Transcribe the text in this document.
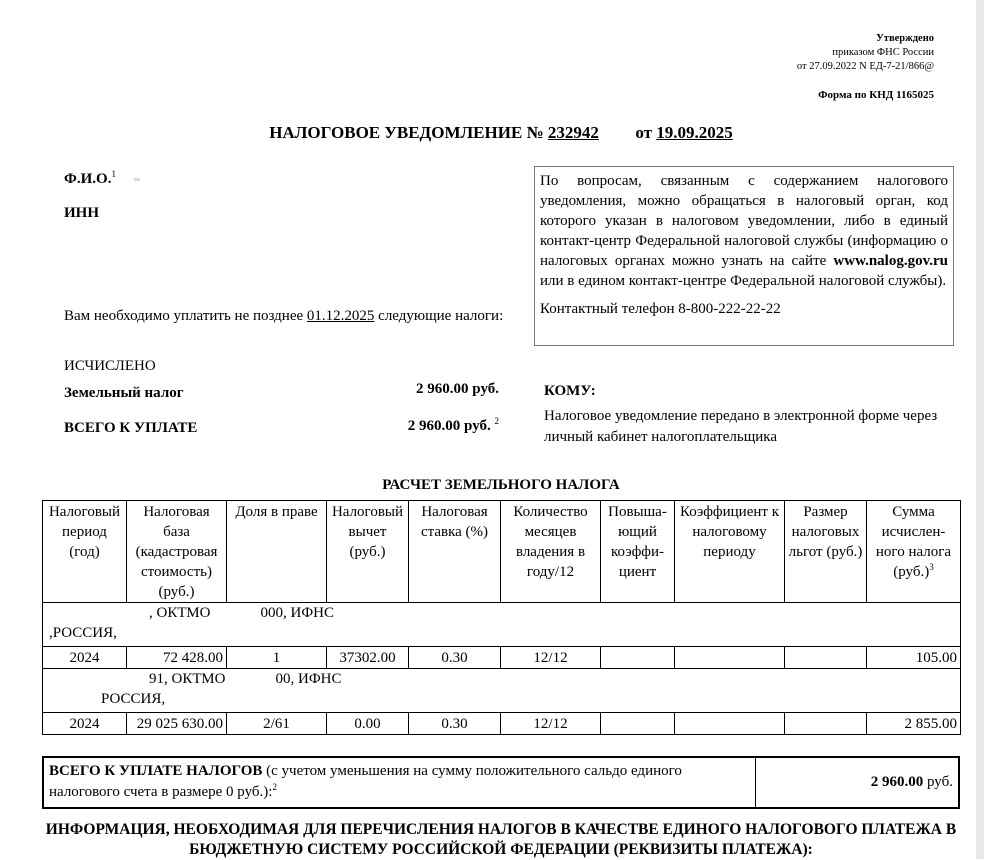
Утверждено
приказом ФНС России
от 27.09.2022 N ЕД-7-21/866@
Форма по КНД 1165025
НАЛОГОВОЕ УВЕДОМЛЕНИЕ № 232942 от 19.09.2025
Ф.И.О.$^1$
ИНН

По вопросам, связанным с содержанием налогового уведомления, можно обращаться в налоговый орган, код которого указан в налоговом уведомлении, либо в единый контакт-центр Федеральной налоговой службы (информацию о налоговых органах можно узнать на сайте www.nalog.gov.ru или в едином контакт-центре Федеральной налоговой службы).

Контактный телефон 8-800-222-22-22

Вам необходимо уплатить не позднее 01.12.2025 следующие налоги:
ИСЧИСЛЕНО
Земельный налог	2 960.00 руб.
ВСЕГО К УПЛАТЕ	2 960.00 руб. $^2$
КОМУ:
Налоговое уведомление передано в электронной форме через личный кабинет налогоплательщика
РАСЧЕТ ЗЕМЕЛЬНОГО НАЛОГА
Налоговый период (год)	Налоговая база (кадастровая стоимость) (руб.)	Доля в праве	Налоговый вычет (руб.)	Налоговая ставка (%)	Количество месяцев владения в году/12	Повыша-ющий коэффи-циент	Коэффициент к налоговому периоду	Размер налоговых льгот (руб.)	Сумма исчислен-ного налога $(руб.)^3$

, ОКТМО 000, ИФНС
,РОССИЯ,									

2024	72 428.00	1	37302.00	0.30	12/12				105.00

91, ОКТМО 00, ИФНС
РОССИЯ,									

2024	29 025 630.00	2/61	0.00	0.30	12/12				2 855.00
ВСЕГО К УПЛАТЕ НАЛОГОВ (с учетом уменьшения на сумму положительного сальдо единого налогового счета в размере 0 руб.):$^2$	2 960.00
руб.
ИНФОРМАЦИЯ, НЕОБХОДИМАЯ ДЛЯ ПЕРЕЧИСЛЕНИЯ НАЛОГОВ В КАЧЕСТВЕ ЕДИНОГО НАЛОГОВОГО ПЛАТЕЖА В БЮДЖЕТНУЮ СИСТЕМУ РОССИЙСКОЙ ФЕДЕРАЦИИ (РЕКВИЗИТЫ ПЛАТЕЖА):
